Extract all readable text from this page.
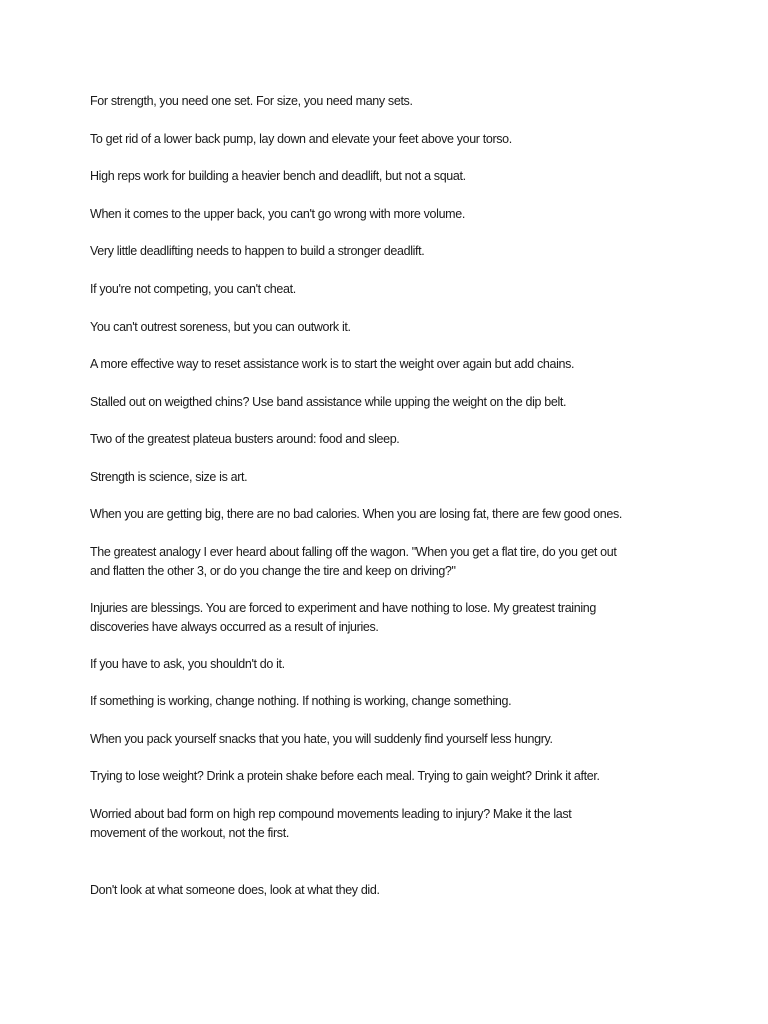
For strength, you need one set. For size, you need many sets.

To get rid of a lower back pump, lay down and elevate your feet above your torso.

High reps work for building a heavier bench and deadlift, but not a squat.

When it comes to the upper back, you can't go wrong with more volume.

Very little deadlifting needs to happen to build a stronger deadlift.

If you're not competing, you can't cheat.

You can't outrest soreness, but you can outwork it.

A more effective way to reset assistance work is to start the weight over again but add chains.

Stalled out on weigthed chins? Use band assistance while upping the weight on the dip belt.

Two of the greatest plateua busters around: food and sleep.

Strength is science, size is art.

When you are getting big, there are no bad calories. When you are losing fat, there are few good ones.

The greatest analogy I ever heard about falling off the wagon. "When you get a flat tire, do you get out
and flatten the other 3, or do you change the tire and keep on driving?"

Injuries are blessings. You are forced to experiment and have nothing to lose. My greatest training
discoveries have always occurred as a result of injuries.

If you have to ask, you shouldn't do it.

If something is working, change nothing. If nothing is working, change something.

When you pack yourself snacks that you hate, you will suddenly find yourself less hungry.

Trying to lose weight? Drink a protein shake before each meal. Trying to gain weight? Drink it after.

Worried about bad form on high rep compound movements leading to injury? Make it the last
movement of the workout, not the first.

Don't look at what someone does, look at what they did.
